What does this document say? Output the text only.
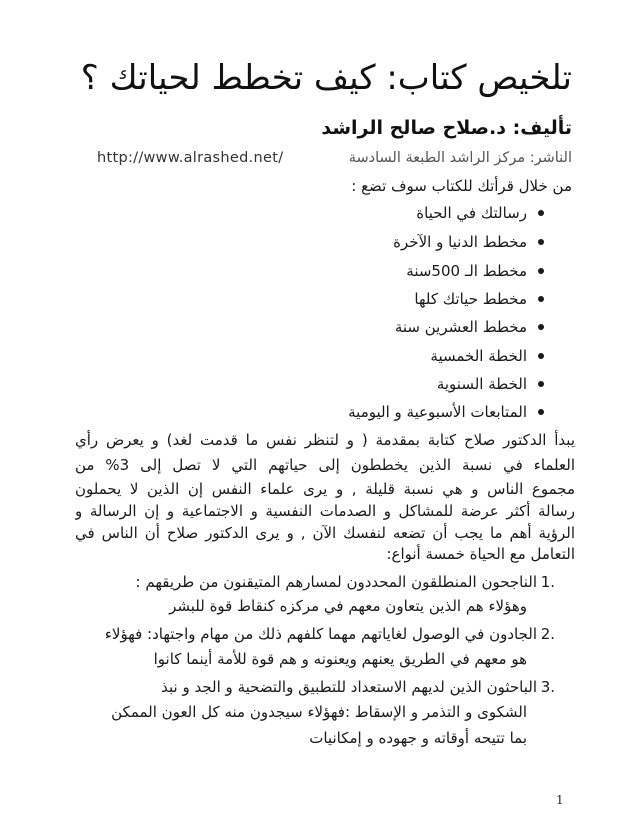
تلخيص كتاب: كيف تخطط لحياتك ؟
تأليف: د.صلاح صالح الراشد
الناشر: مركز الراشد الطبعة السادسة
http://www.alrashed.net/
من خلال قرأتك للكتاب سوف تضع :
رسالتك في الحياة
مخطط الدنيا و الآخرة
مخطط الـ 500سنة
مخطط حياتك كلها
مخطط العشرين سنة
الخطة الخمسية
الخطة السنوية
المتابعات الأسبوعية و اليومية
يبدأ الدكتور صلاح كتابة بمقدمة ( و لتنظر نفس ما قدمت لغد) و يعرض رأي
العلماء في نسبة الذين يخططون إلى حياتهم التي لا تصل إلى 3% من
مجموع الناس و هي نسبة قليلة , و يرى علماء النفس إن الذين لا يحملون
رسالة أكثر عرضة للمشاكل و الصدمات النفسية و الاجتماعية و إن الرسالة و
الرؤية أهم ما يجب أن تضعه لنفسك الآن , و يرى الدكتور صلاح أن الناس في
التعامل مع الحياة خمسة أنواع:
1.
الناجحون المنطلقون المحددون لمسارهم المتيقنون من طريقهم :
وهؤلاء هم الذين يتعاون معهم في مركزه كنقاط قوة للبشر
2.
الجادون في الوصول لغاياتهم مهما كلفهم ذلك من مهام واجتهاد: فهؤلاء
هو معهم في الطريق يعنهم ويعنونه و هم قوة للأمة أينما كانوا
3.
الباحثون الذين لديهم الاستعداد للتطبيق والتضحية و الجد و نبذ
الشكوى و التذمر و الإسقاط :فهؤلاء سيجدون منه كل العون الممكن
بما تتيحه أوقاته و جهوده و إمكانيات
1
